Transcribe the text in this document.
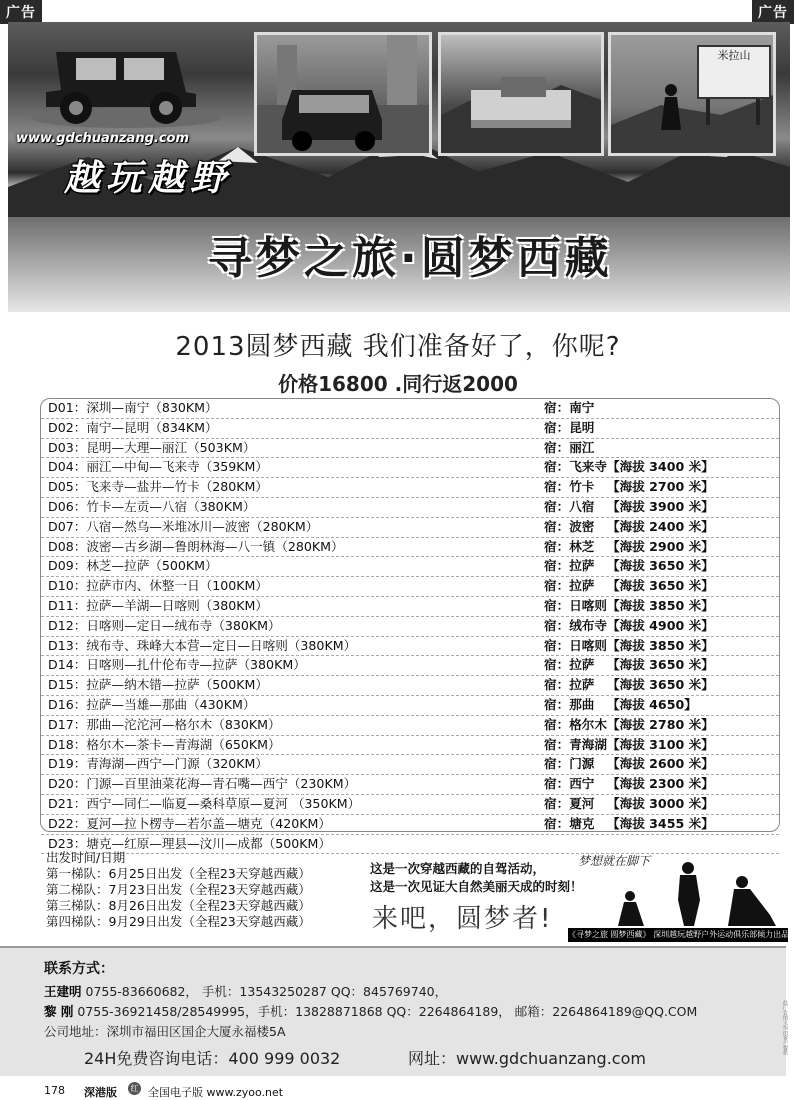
广告	广告
www.gdchuanzang.com
米拉山
越玩越野
寻梦之旅·圆梦西藏
2013圆梦西藏 我们准备好了，你呢?
价格16800 .同行返2000
D01：深圳—南宁（830KM）	宿：南宁
D02：南宁—昆明（834KM）	宿：昆明
D03：昆明—大理—丽江（503KM）	宿：丽江
D04：丽江—中甸—飞来寺（359KM）	宿：飞来寺 【海拔 3400 米】
D05：飞来寺—盐井—竹卡（280KM）	宿：竹卡 【海拔 2700 米】
D06：竹卡—左贡—八宿（380KM）	宿：八宿 【海拔 3900 米】
D07：八宿—然乌—米堆冰川—波密（280KM）	宿：波密 【海拔 2400 米】
D08：波密—古乡湖—鲁朗林海—八一镇（280KM）	宿：林芝 【海拔 2900 米】
D09：林芝—拉萨（500KM）	宿：拉萨 【海拔 3650 米】
D10：拉萨市内、休整一日（100KM）	宿：拉萨 【海拔 3650 米】
D11：拉萨—羊湖—日喀则（380KM）	宿：日喀则 【海拔 3850 米】
D12：日喀则—定日—绒布寺（380KM）	宿：绒布寺 【海拔 4900 米】
D13：绒布寺、珠峰大本营—定日—日喀则（380KM）	宿：日喀则 【海拔 3850 米】
D14：日喀则—扎什伦布寺—拉萨（380KM）	宿：拉萨 【海拔 3650 米】
D15：拉萨—纳木错—拉萨（500KM）	宿：拉萨 【海拔 3650 米】
D16：拉萨—当雄—那曲（430KM）	宿：那曲 【海拔 4650】
D17：那曲—沱沱河—格尔木（830KM）	宿：格尔木 【海拔 2780 米】
D18：格尔木—茶卡—青海湖（650KM）	宿：青海湖 【海拔 3100 米】
D19：青海湖—西宁—门源（320KM）	宿：门源 【海拔 2600 米】
D20：门源—百里油菜花海—青石嘴—西宁（230KM）	宿：西宁 【海拔 2300 米】
D21：西宁—同仁—临夏—桑科草原—夏河 （350KM）	宿：夏河 【海拔 3000 米】
D22：夏河—拉卜楞寺—若尔盖—塘克（420KM）	宿：塘克 【海拔 3455 米】
D23：塘克—红原—理县—汶川—成都（500KM）
出发时间/日期
第一梯队：6月25日出发（全程23天穿越西藏）
第二梯队：7月23日出发（全程23天穿越西藏）
第三梯队：8月26日出发（全程23天穿越西藏）
第四梯队：9月29日出发（全程23天穿越西藏）
这是一次穿越西藏的自驾活动，
这是一次见证大自然美丽天成的时刻！
来吧，圆梦者!
梦想就在脚下
《寻梦之旅 圆梦西藏》 深圳越玩越野户外运动俱乐部倾力出品！
联系方式：
王建明 0755-83660682， 手机：13543250287 QQ：845769740，
黎 刚 0755-36921458/28549995，手机：13828871868 QQ：2264864189， 邮箱：2264864189@QQ.COM
公司地址：深圳市福田区国企大厦永福楼5A
24H免费咨询电话：400 999 0032	网址：www.gdchuanzang.com
此广告图文均由客户提供
178 深港版	红 全国电子版 www.zyoo.net
